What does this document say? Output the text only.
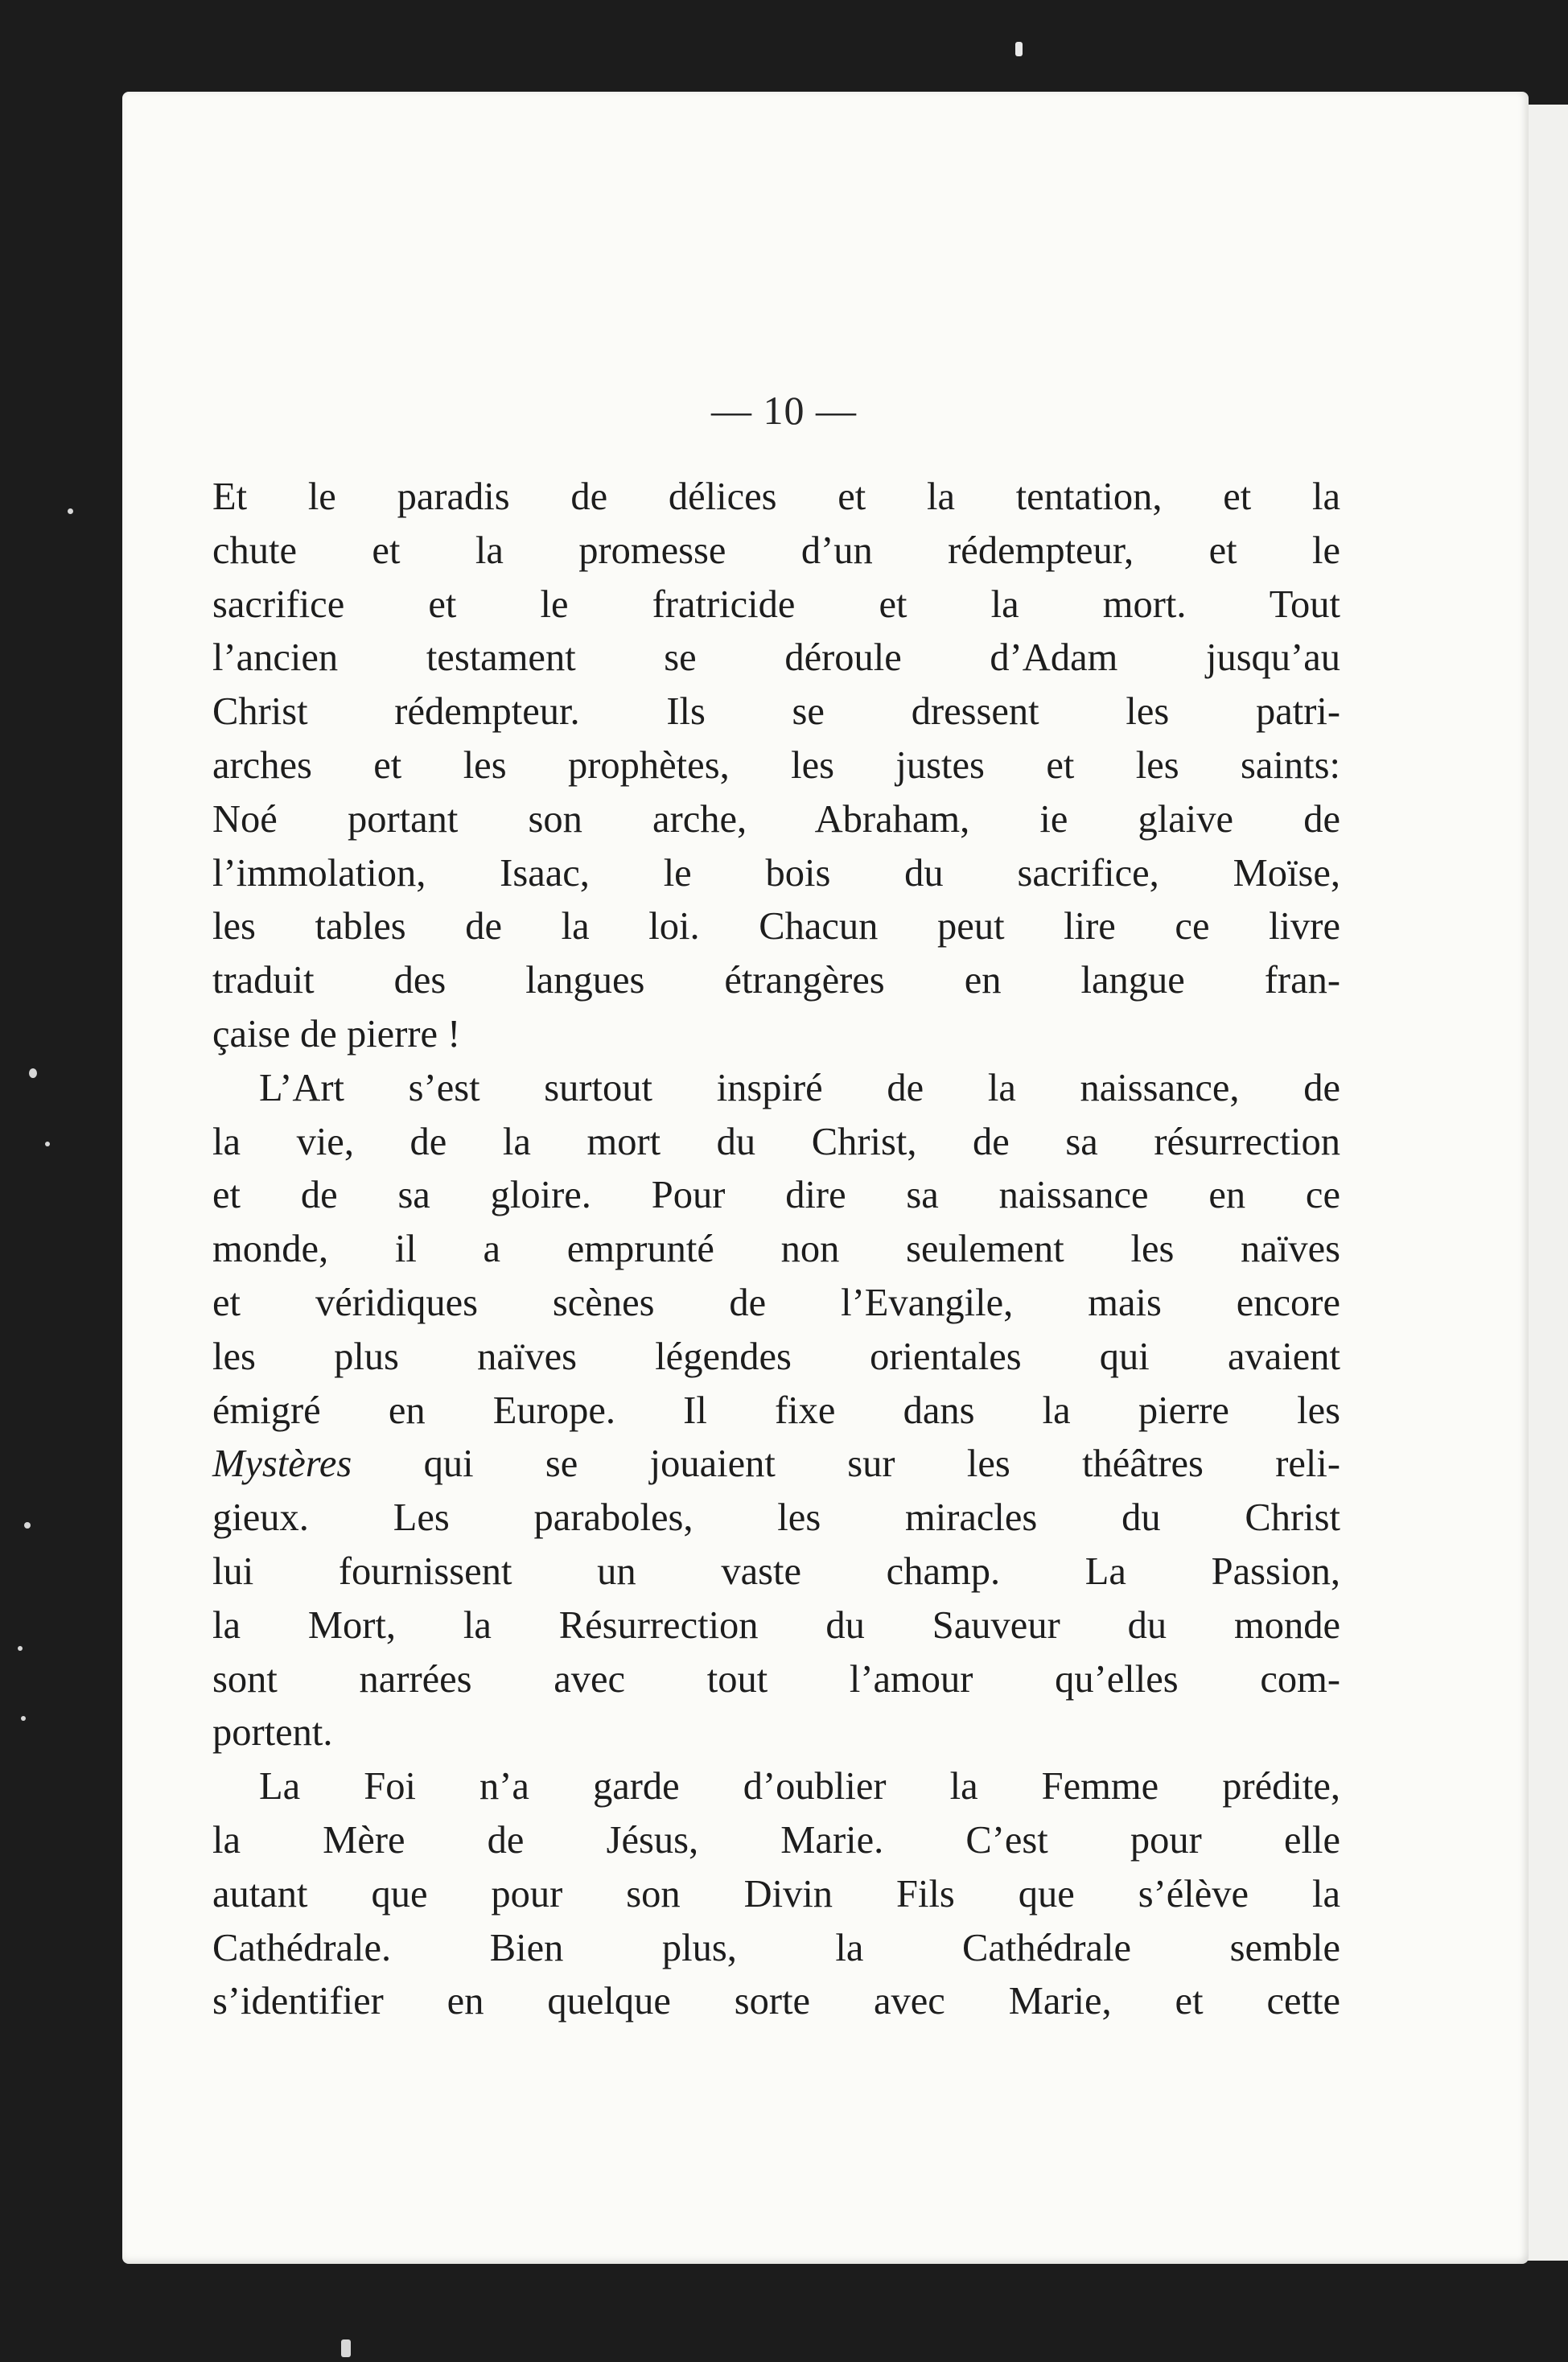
— 10 —
Et le paradis de délices et la tentation, et la
chute et la promesse d’un rédempteur, et le
sacrifice et le fratricide et la mort. Tout
l’ancien testament se déroule d’Adam jusqu’au
Christ rédempteur. Ils se dressent les patri-
arches et les prophètes, les justes et les saints:
Noé portant son arche, Abraham, ie glaive de
l’immolation, Isaac, le bois du sacrifice, Moïse,
les tables de la loi. Chacun peut lire ce livre
traduit des langues étrangères en langue fran-
çaise de pierre !
L’Art s’est surtout inspiré de la naissance, de
la vie, de la mort du Christ, de sa résurrection
et de sa gloire. Pour dire sa naissance en ce
monde, il a emprunté non seulement les naïves
et véridiques scènes de l’Evangile, mais encore
les plus naïves légendes orientales qui avaient
émigré en Europe. Il fixe dans la pierre les
Mystères qui se jouaient sur les théâtres reli-
gieux. Les paraboles, les miracles du Christ
lui fournissent un vaste champ. La Passion,
la Mort, la Résurrection du Sauveur du monde
sont narrées avec tout l’amour qu’elles com-
portent.
La Foi n’a garde d’oublier la Femme prédite,
la Mère de Jésus, Marie. C’est pour elle
autant que pour son Divin Fils que s’élève la
Cathédrale. Bien plus, la Cathédrale semble
s’identifier en quelque sorte avec Marie, et cette
